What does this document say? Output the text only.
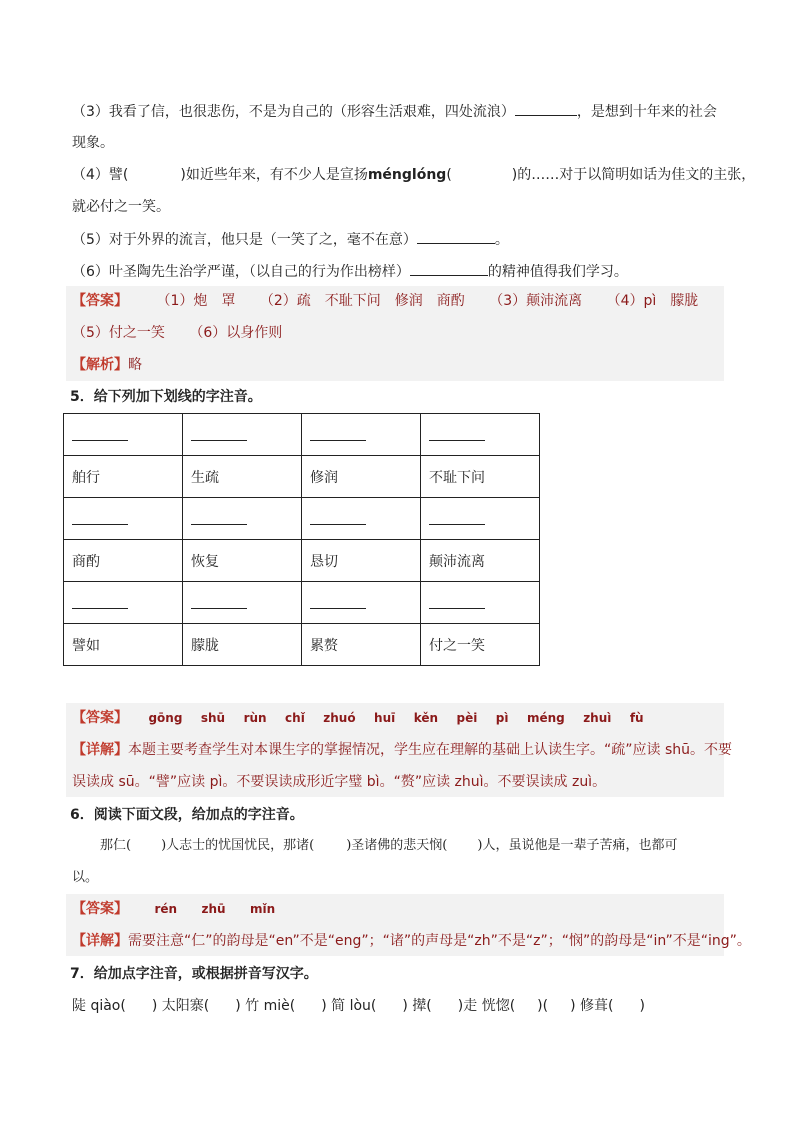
（3）我看了信，也很悲伤，不是为自己的（形容生活艰难，四处流浪）	，是想到十年来的社会
现象。
（4）譬(	)如近些年来，有不少人是宣扬ménglóng(	)的……对于以简明如话为佳文的主张，
就必付之一笑。
（5）对于外界的流言，他只是（一笑了之，毫不在意）	。
（6）叶圣陶先生治学严谨，（以自己的行为作出榜样）	的精神值得我们学习。
【答案】 （1）炮　罩 （2）疏　不耻下问　修润　商酌 （3）颠沛流离 （4）pì　朦胧
（5）付之一笑 （6）以身作则
【解析】略
5．给下列加下划线的字注音。

舶行	生疏	修润	不耻下问

商酌	恢复	恳切	颠沛流离

譬如	朦胧	累赘	付之一笑
【答案】 gōng shū rùn chǐ zhuó huī kěn pèi pì méng zhuì fù
【详解】本题主要考查学生对本课生字的掌握情况，学生应在理解的基础上认读生字。“疏”应读 shū。不要
误读成 sū。“譬”应读 pì。不要误读成形近字璧 bì。“赘”应读 zhuì。不要误读成 zuì。
6．阅读下面文段，给加点的字注音。
那仁( )人志士的忧国忧民，那诸( )圣诸佛的悲天悯( )人，虽说他是一辈子苦痛，也都可
以。
【答案】 rén zhū mǐn
【详解】需要注意“仁”的韵母是“en”不是“eng”；“诸”的声母是“zh”不是“z”；“悯”的韵母是“in”不是“ing”。
7．给加点字注音，或根据拼音写汉字。
陡 qiào( ) 太阳寨( ) 竹 miè( ) 简 lòu( ) 撵( )走 恍惚( )( ) 修葺( )
